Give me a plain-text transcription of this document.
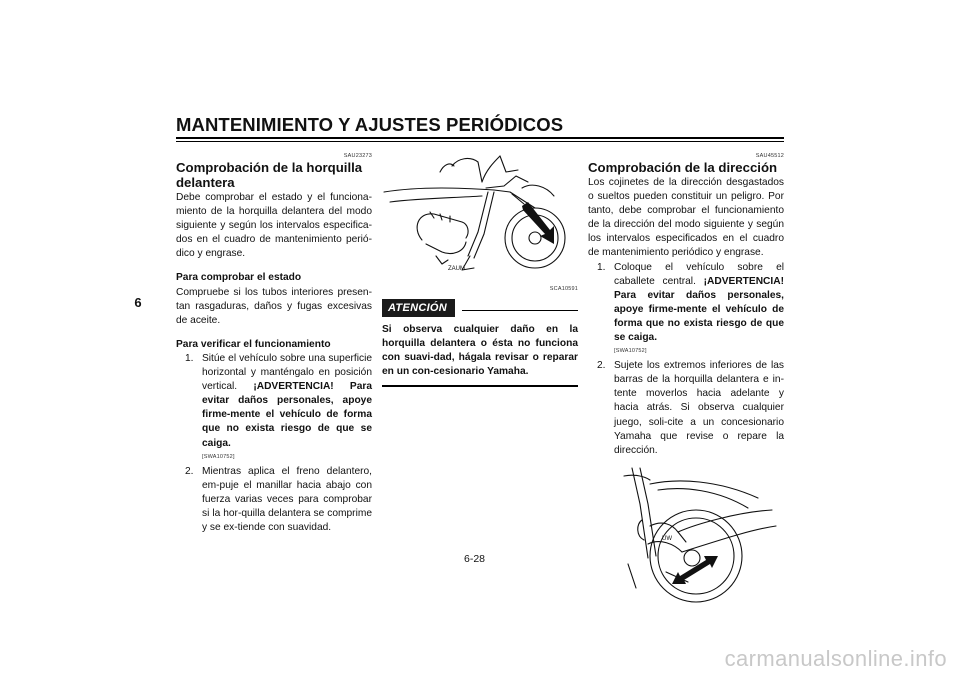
MANTENIMIENTO Y AJUSTES PERIÓDICOS
6
SAU23273
Comprobación de la horquilla delantera

Debe comprobar el estado y el funciona-miento de la horquilla delantera del modo siguiente y según los intervalos especifica-dos en el cuadro de mantenimiento perió-dico y engrase.

Para comprobar el estado

Compruebe si los tubos interiores presen-tan rasgaduras, daños y fugas excesivas de aceite.

Para verificar el funcionamiento

1. Sitúe el vehículo sobre una superficie horizontal y manténgalo en posición vertical. ¡ADVERTENCIA! Para evitar daños personales, apoye firme-mente el vehículo de forma que no exista riesgo de que se caiga.
[SWA10752]
2. Mientras aplica el freno delantero, em-puje el manillar hacia abajo con fuerza varias veces para comprobar si la hor-quilla delantera se comprime y se ex-tiende con suavidad.
ZAUM
SCA10591
ATENCIÓN

Si observa cualquier daño en la horquilla delantera o ésta no funciona con suavi-dad, hágala revisar o reparar en un con-cesionario Yamaha.

SAU45512
Comprobación de la dirección

Los cojinetes de la dirección desgastados o sueltos pueden constituir un peligro. Por tanto, debe comprobar el funcionamiento de la dirección del modo siguiente y según los intervalos especificados en el cuadro de mantenimiento periódico y engrase.

1. Coloque el vehículo sobre el caballete central. ¡ADVERTENCIA! Para evitar daños personales, apoye firme-mente el vehículo de forma que no exista riesgo de que se caiga.
[SWA10752]
2. Sujete los extremos inferiores de las barras de la horquilla delantera e in-tente moverlos hacia adelante y hacia atrás. Si observa cualquier juego, soli-cite a un concesionario Yamaha que revise o repare la dirección.
UW
6-28
carmanualsonline.info
